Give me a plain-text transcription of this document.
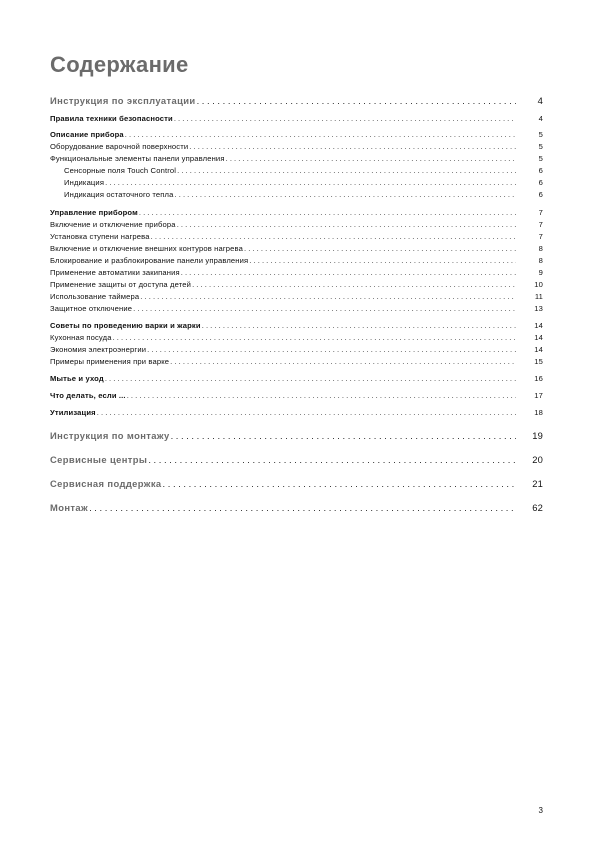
Содержание
Инструкция по эксплуатации . . .	4
Правила техники безопасности . . .	4
Описание прибора . . .	5
Оборудование варочной поверхности . . .	5
Функциональные элементы панели управления . . .	5
Сенсорные поля Touch Control . . .	6
Индикация . . .	6
Индикация остаточного тепла . . .	6
Управление прибором . . .	7
Включение и отключение прибора . . .	7
Установка ступени нагрева . . .	7
Включение и отключение внешних контуров нагрева . . .	8
Блокирование и разблокирование панели управления . . .	8
Применение автоматики закипания . . .	9
Применение защиты от доступа детей . . .	10
Использование таймера . . .	11
Защитное отключение . . .	13
Советы по проведению варки и жарки . . .	14
Кухонная посуда . . .	14
Экономия электроэнергии . . .	14
Примеры применения при варке . . .	15
Мытье и уход . . .	16
Что делать, если ... . . .	17
Утилизация . . .	18
Инструкция по монтажу . . .	19
Сервисные центры . . .	20
Сервисная поддержка . . .	21
Монтаж . . .	62
3
